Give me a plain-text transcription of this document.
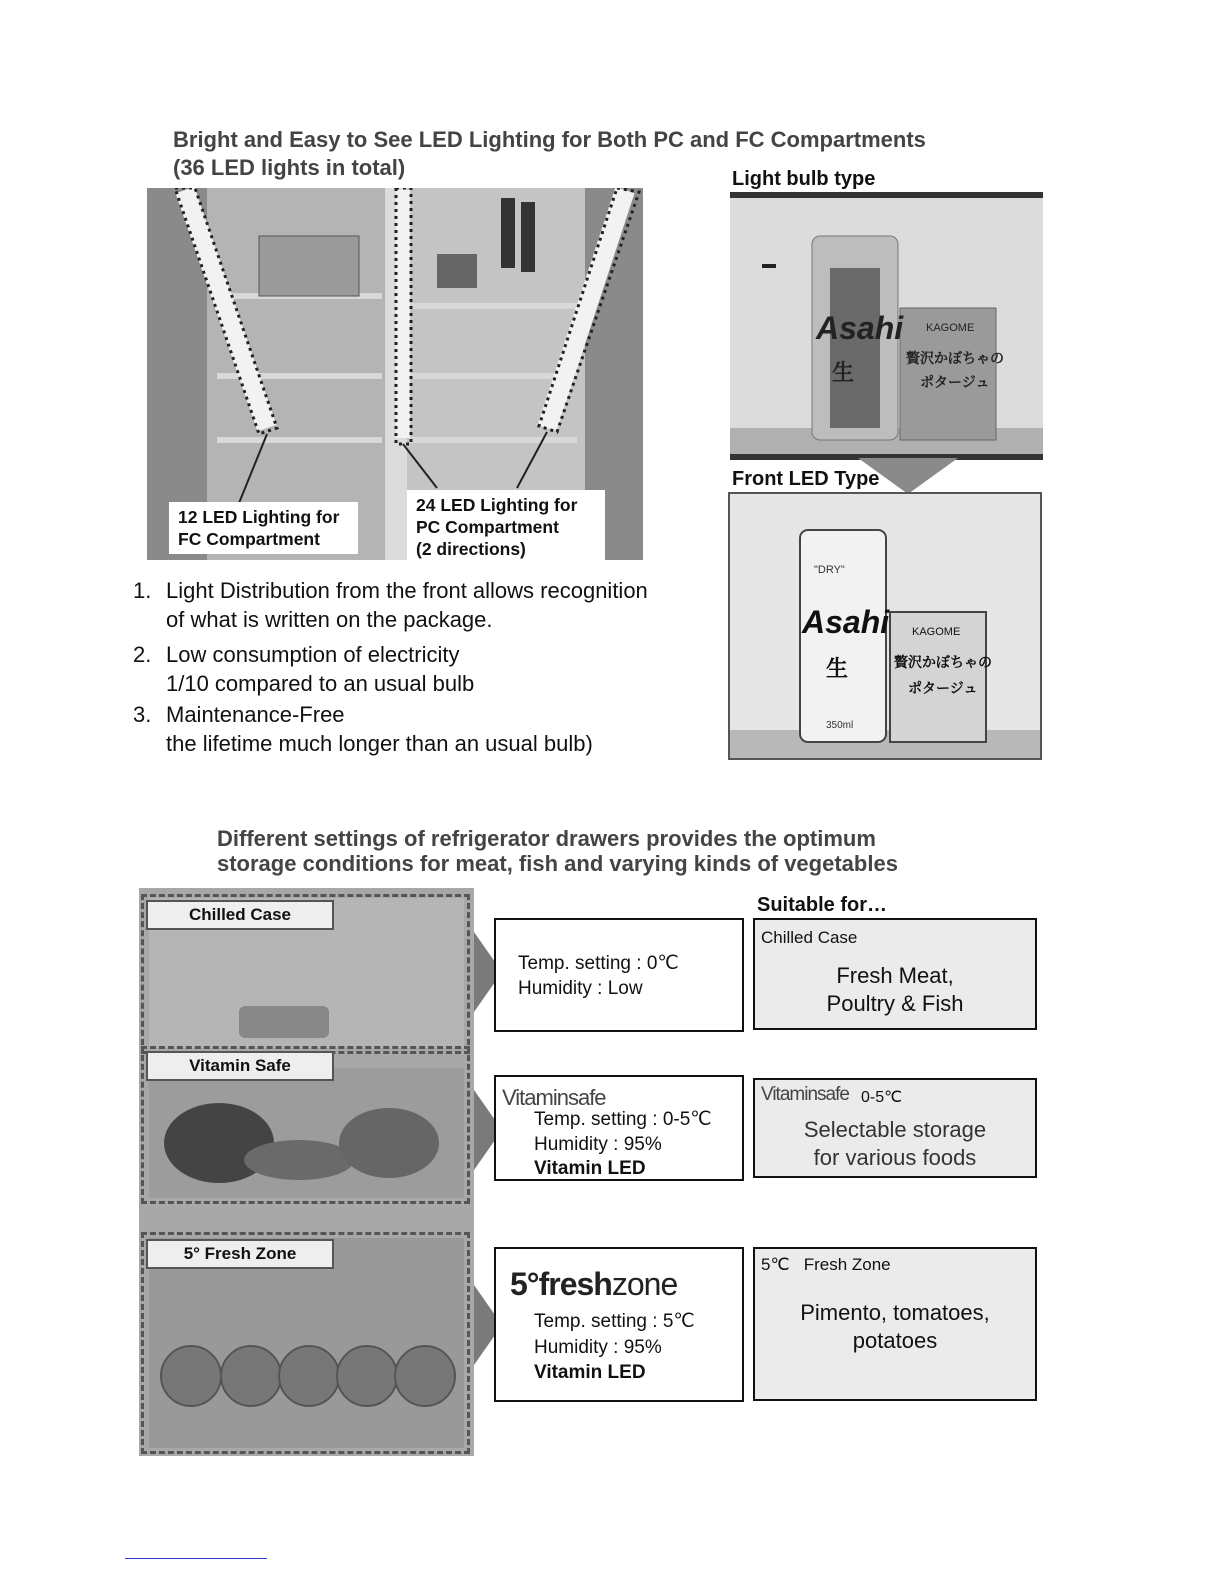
Bright and Easy to See LED Lighting for Both PC and FC Compartments
(36 LED lights in total)
12 LED Lighting for
FC Compartment
24 LED Lighting for
PC Compartment
(2 directions)
1. Light Distribution from the front allows recognition
of what is written on the package.
2. Low consumption of electricity
1/10 compared to an usual bulb
3. Maintenance-Free
the lifetime much longer than an usual bulb)
Light bulb type
Asahi
生
KAGOME
贅沢かぼちゃの
ポタージュ
Front LED Type
"DRY"
Asahi
生
350ml
KAGOME
贅沢かぼちゃの
ポタージュ
Different settings of refrigerator drawers provides the optimum
storage conditions for meat, fish and varying kinds of vegetables
Chilled Case
Vitamin Safe
5° Fresh Zone
Suitable for…
Temp. setting : 0℃
Humidity : Low
Chilled Case
Fresh Meat,
Poultry & Fish
Vitaminsafe
Temp. setting : 0-5℃
Humidity : 95%
Vitamin LED
Vitaminsafe 0-5℃
Selectable storage
for various foods
5°freshzone
Temp. setting : 5℃
Humidity : 95%
Vitamin LED
5℃   Fresh Zone
Pimento, tomatoes,
potatoes
